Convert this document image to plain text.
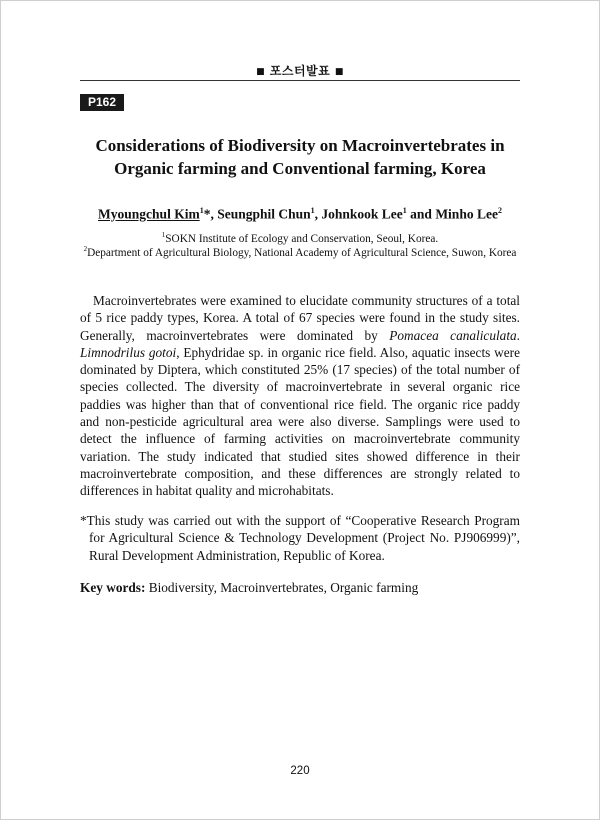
■ 포스터발표 ■
P162
Considerations of Biodiversity on Macroinvertebrates in Organic farming and Conventional farming, Korea
Myoungchul Kim$^1$*, Seungphil Chun$^1$, Johnkook Lee$^1$ and Minho Lee$^2$
$^1$SOKN Institute of Ecology and Conservation, Seoul, Korea.
$^2$Department of Agricultural Biology, National Academy of Agricultural Science, Suwon, Korea

Macroinvertebrates were examined to elucidate community structures of a total of 5 rice paddy types, Korea. A total of 67 species were found in the study sites. Generally, macroinvertebrates were dominated by Pomacea canaliculata. Limnodrilus gotoi, Ephydridae sp. in organic rice field. Also, aquatic insects were dominated by Diptera, which constituted 25% (17 species) of the total number of species collected. The diversity of macroinvertebrate in several organic rice paddies was higher than that of conventional rice field. The organic rice paddy and non-pesticide agricultural area were also diverse. Samplings were used to detect the influence of farming activities on macroinvertebrate community variation. The study indicated that studied sites showed difference in their macroinvertebrate composition, and these differences are strongly related to differences in habitat quality and microhabitats.

*This study was carried out with the support of “Cooperative Research Program for Agricultural Science & Technology Development (Project No. PJ906999)”, Rural Development Administration, Republic of Korea.

Key words: Biodiversity, Macroinvertebrates, Organic farming
220
